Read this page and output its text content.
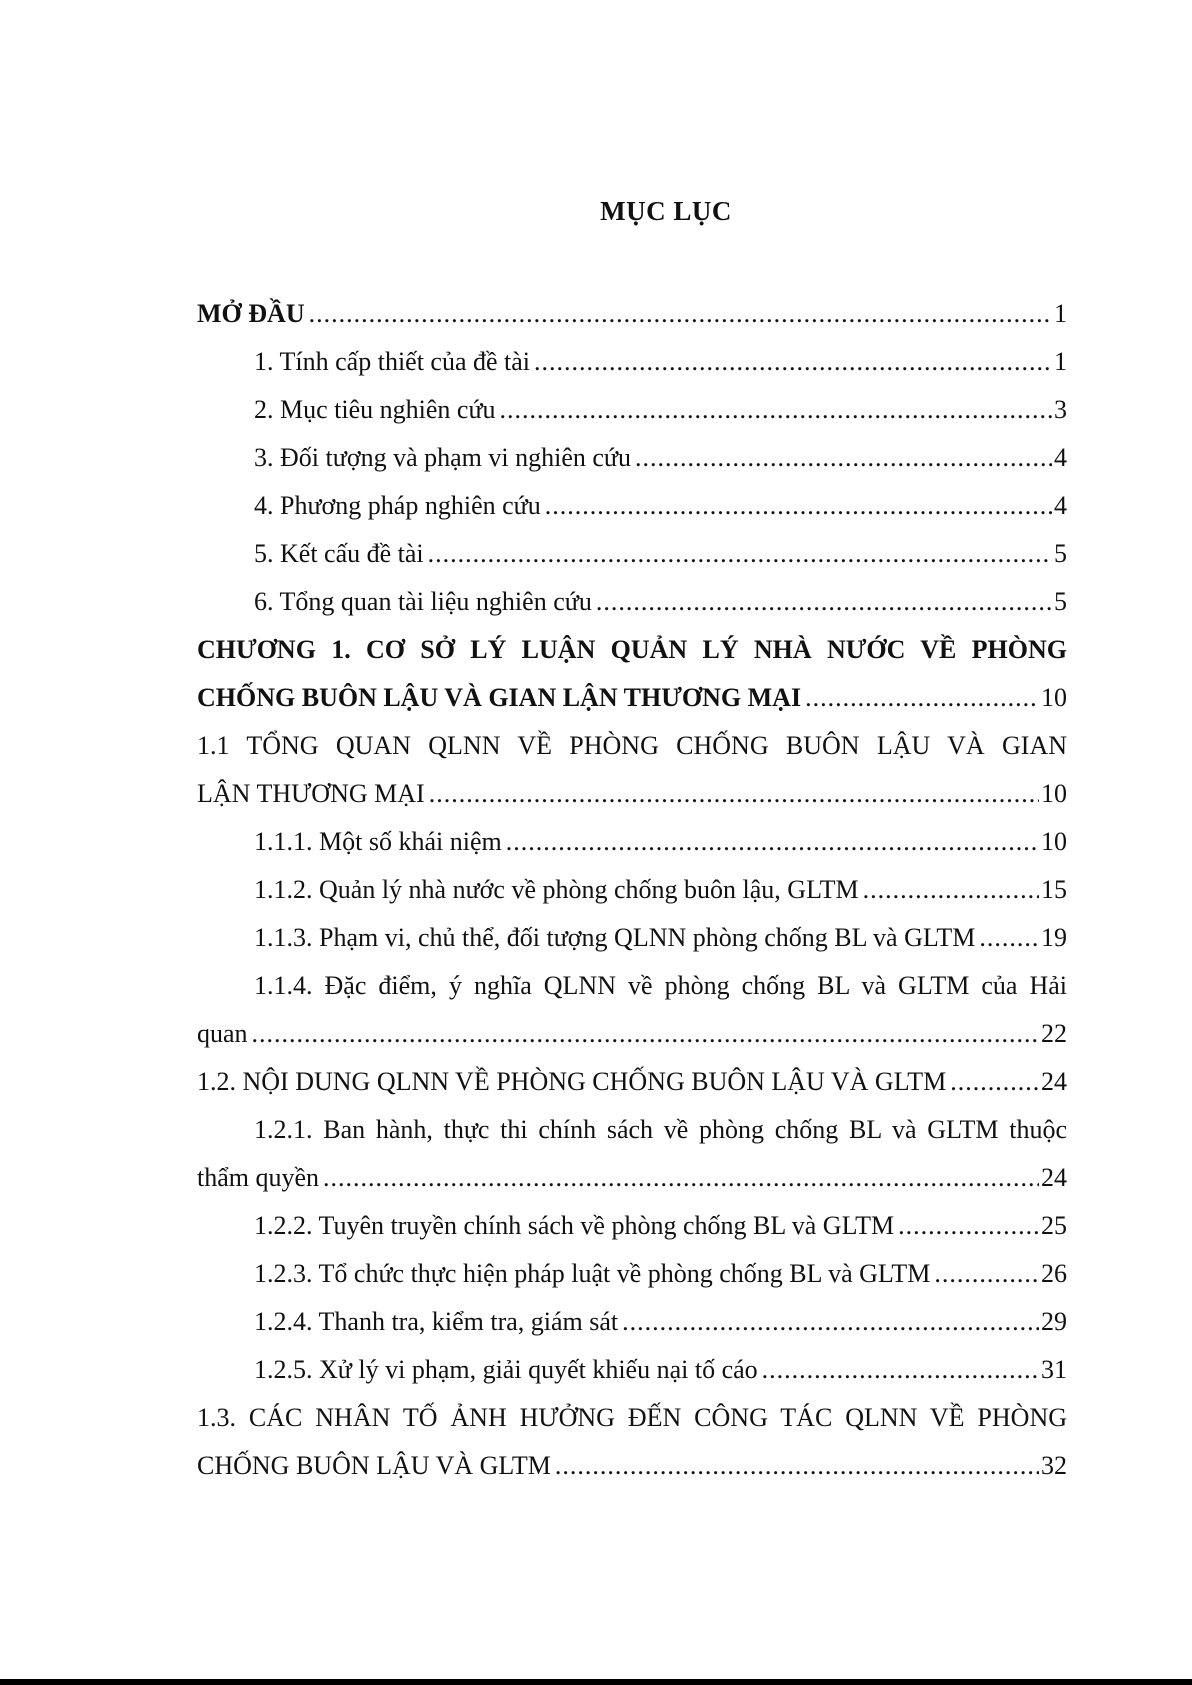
MỤC LỤC
MỞ ĐẦU .....	1
1. Tính cấp thiết của đề tài .....	1
2. Mục tiêu nghiên cứu .....	3
3. Đối tượng và phạm vi nghiên cứu .....	4
4. Phương pháp nghiên cứu .....	4
5. Kết cấu đề tài .....	5
6. Tổng quan tài liệu nghiên cứu .....	5
CHƯƠNG 1. CƠ SỞ LÝ LUẬN QUẢN LÝ NHÀ NƯỚC VỀ PHÒNG
CHỐNG BUÔN LẬU VÀ GIAN LẬN THƯƠNG MẠI .....	10
1.1 TỔNG QUAN QLNN VỀ PHÒNG CHỐNG BUÔN LẬU VÀ GIAN
LẬN THƯƠNG MẠI .....	10
1.1.1. Một số khái niệm .....	10
1.1.2. Quản lý nhà nước về phòng chống buôn lậu, GLTM .....	15
1.1.3. Phạm vi, chủ thể, đối tượng QLNN phòng chống BL và GLTM .....	19
1.1.4. Đặc điểm, ý nghĩa QLNN về phòng chống BL và GLTM của Hải
quan .....	22
1.2. NỘI DUNG QLNN VỀ PHÒNG CHỐNG BUÔN LẬU VÀ GLTM .....	24
1.2.1. Ban hành, thực thi chính sách về phòng chống BL và GLTM thuộc
thẩm quyền .....	24
1.2.2. Tuyên truyền chính sách về phòng chống BL và GLTM .....	25
1.2.3. Tổ chức thực hiện pháp luật về phòng chống BL và GLTM .....	26
1.2.4. Thanh tra, kiểm tra, giám sát .....	29
1.2.5. Xử lý vi phạm, giải quyết khiếu nại tố cáo .....	31
1.3. CÁC NHÂN TỐ ẢNH HƯỞNG ĐẾN CÔNG TÁC QLNN VỀ PHÒNG
CHỐNG BUÔN LẬU VÀ GLTM .....	32
